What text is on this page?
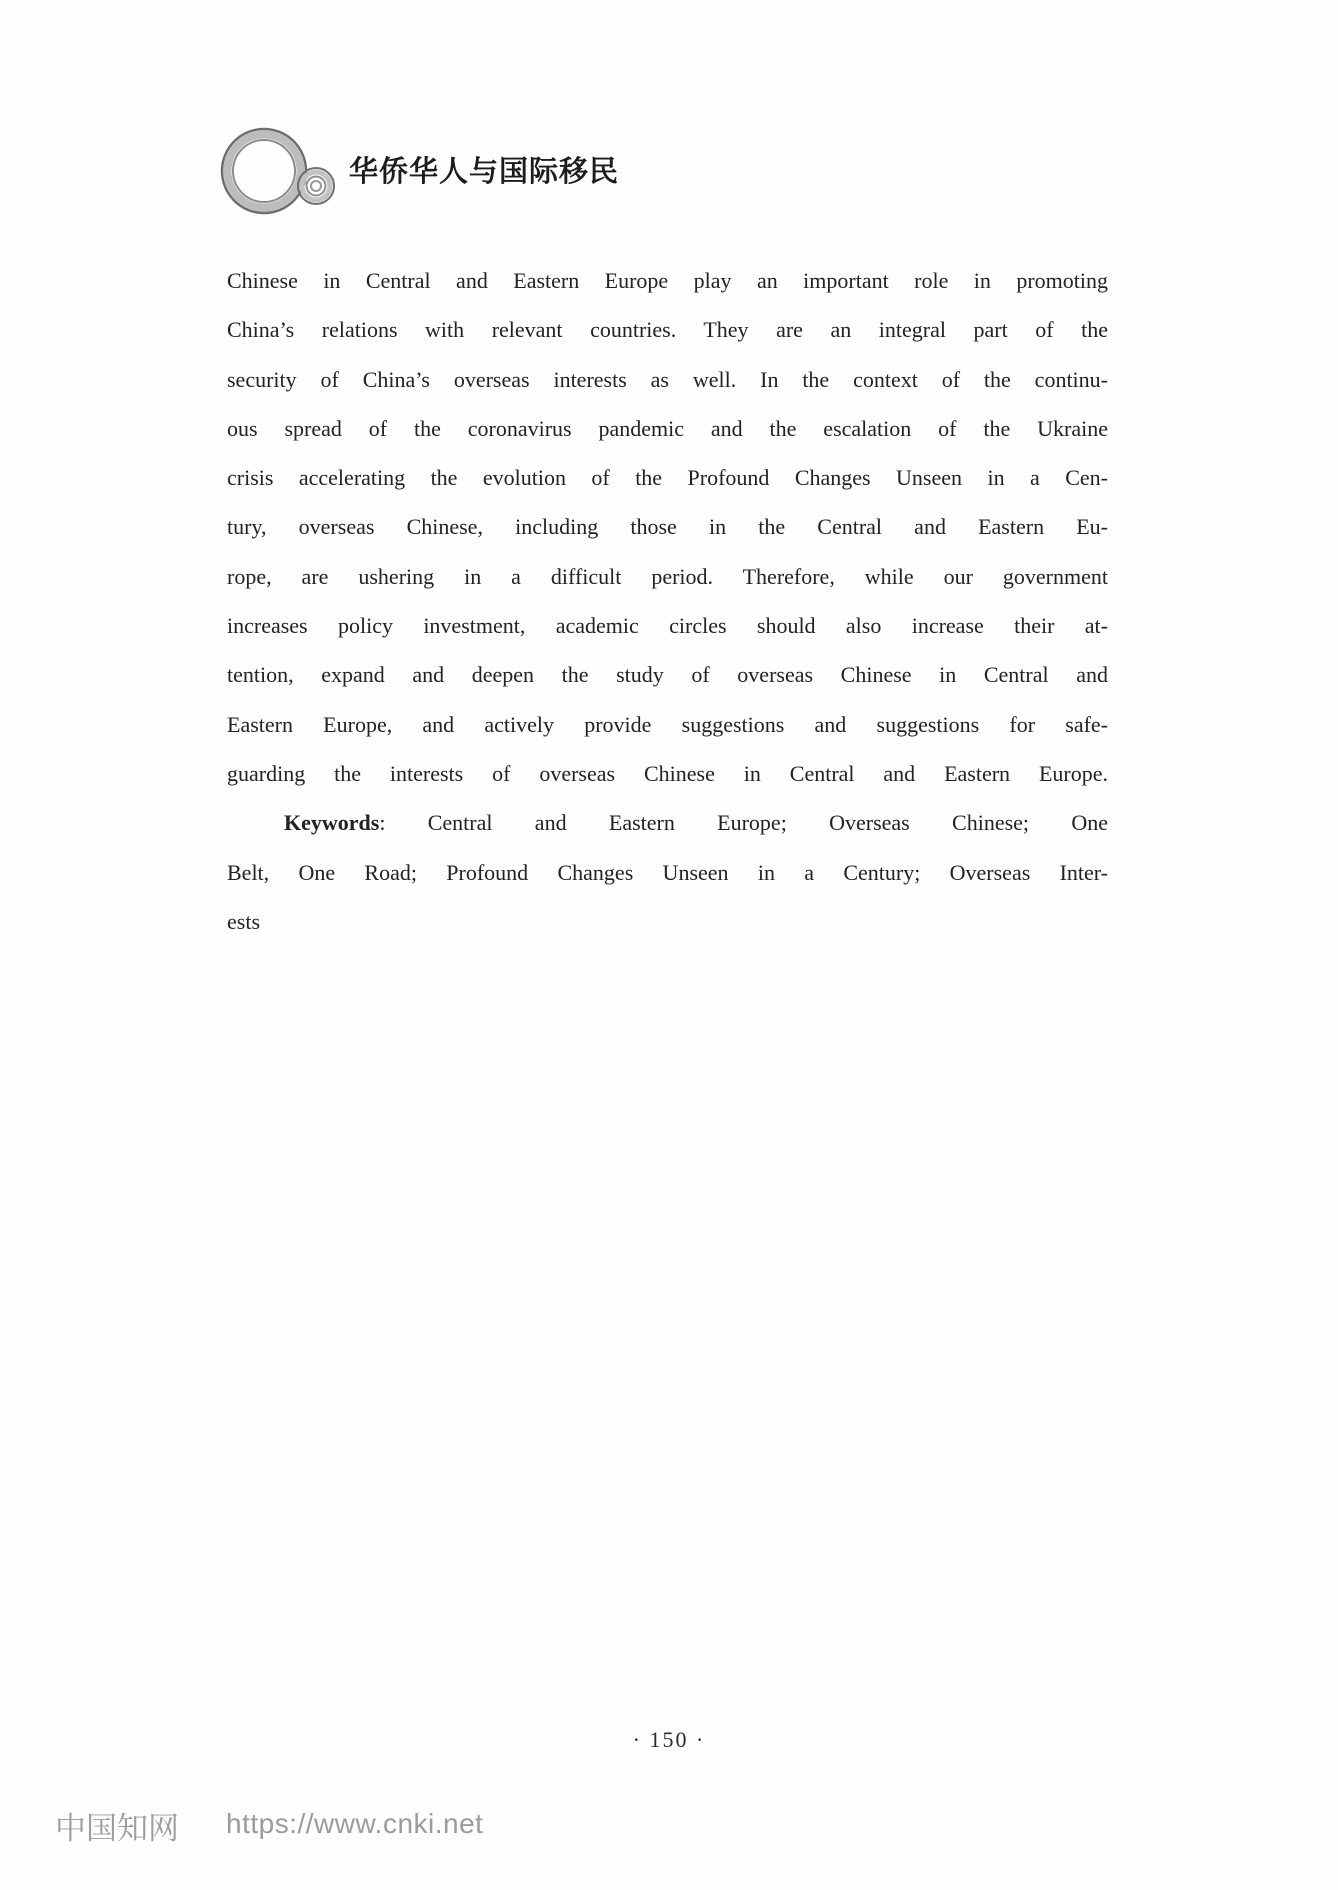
华侨华人与国际移民
Chinese in Central and Eastern Europe play an important role in promoting
China’s relations with relevant countries. They are an integral part of the
security of China’s overseas interests as well. In the context of the continu-
ous spread of the coronavirus pandemic and the escalation of the Ukraine
crisis accelerating the evolution of the Profound Changes Unseen in a Cen-
tury, overseas Chinese, including those in the Central and Eastern Eu-
rope, are ushering in a difficult period. Therefore, while our government
increases policy investment, academic circles should also increase their at-
tention, expand and deepen the study of overseas Chinese in Central and
Eastern Europe, and actively provide suggestions and suggestions for safe-
guarding the interests of overseas Chinese in Central and Eastern Europe.
Keywords: Central and Eastern Europe; Overseas Chinese; One
Belt, One Road; Profound Changes Unseen in a Century; Overseas Inter-
ests
· 150 ·
中国知网 https://www.cnki.net
